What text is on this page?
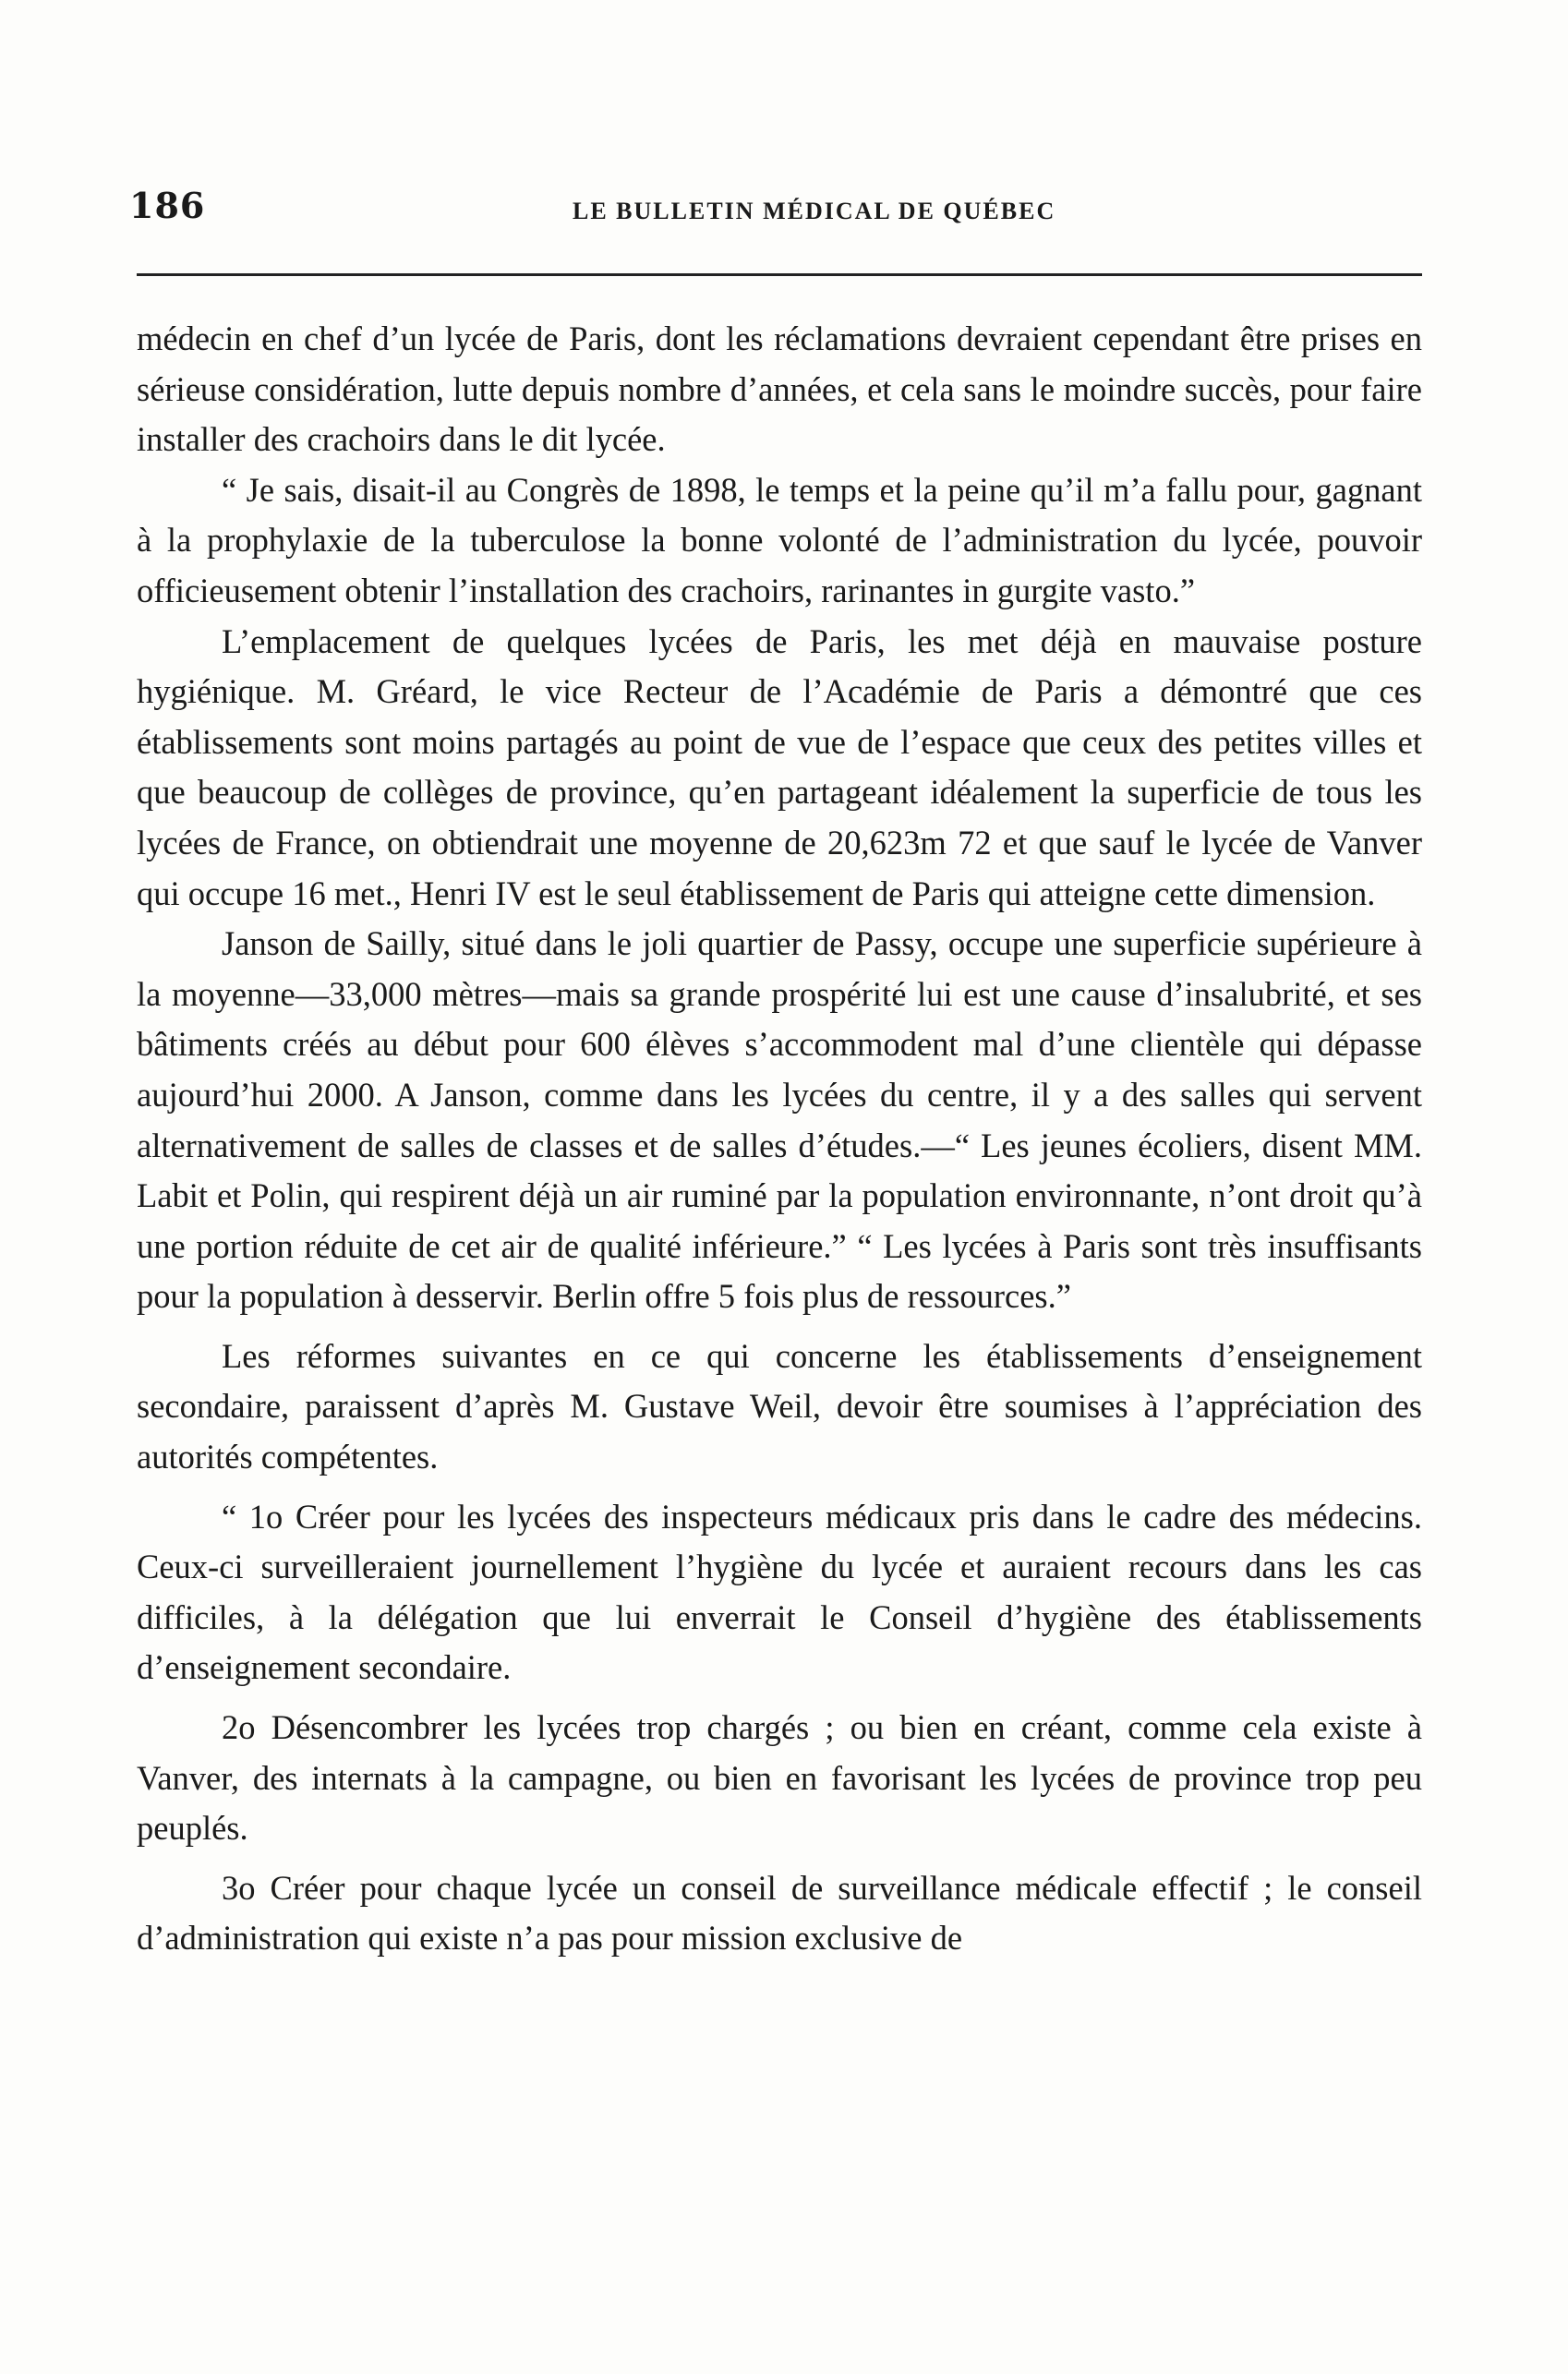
186	LE BULLETIN MÉDICAL DE QUÉBEC

médecin en chef d’un lycée de Paris, dont les réclamations devraient cependant être prises en sérieuse considération, lutte depuis nombre d’années, et cela sans le moindre succès, pour faire installer des crachoirs dans le dit lycée.

“ Je sais, disait-il au Congrès de 1898, le temps et la peine qu’il m’a fallu pour, gagnant à la prophylaxie de la tuberculose la bonne volonté de l’administration du lycée, pouvoir officieusement obtenir l’installation des crachoirs, rarinantes in gurgite vasto.”

L’emplacement de quelques lycées de Paris, les met déjà en mauvaise posture hygiénique. M. Gréard, le vice Recteur de l’Académie de Paris a démontré que ces établissements sont moins partagés au point de vue de l’espace que ceux des petites villes et que beaucoup de collèges de province, qu’en partageant idéalement la superficie de tous les lycées de France, on obtiendrait une moyenne de 20,623m 72 et que sauf le lycée de Vanver qui occupe 16 met., Henri IV est le seul établissement de Paris qui atteigne cette dimension.

Janson de Sailly, situé dans le joli quartier de Passy, occupe une superficie supérieure à la moyenne—33,000 mètres—mais sa grande prospérité lui est une cause d’insalubrité, et ses bâtiments créés au début pour 600 élèves s’accommodent mal d’une clientèle qui dépasse aujourd’hui 2000. A Janson, comme dans les lycées du centre, il y a des salles qui servent alternativement de salles de classes et de salles d’études.—“ Les jeunes écoliers, disent MM. Labit et Polin, qui respirent déjà un air ruminé par la population environnante, n’ont droit qu’à une portion réduite de cet air de qualité inférieure.” “ Les lycées à Paris sont très insuffisants pour la population à desservir. Berlin offre 5 fois plus de ressources.”

Les réformes suivantes en ce qui concerne les établissements d’enseignement secondaire, paraissent d’après M. Gustave Weil, devoir être soumises à l’appréciation des autorités compétentes.

“ 1o Créer pour les lycées des inspecteurs médicaux pris dans le cadre des médecins. Ceux-ci surveilleraient journellement l’hygiène du lycée et auraient recours dans les cas difficiles, à la délégation que lui enverrait le Conseil d’hygiène des établissements d’enseignement secondaire.

2o Désencombrer les lycées trop chargés ; ou bien en créant, comme cela existe à Vanver, des internats à la campagne, ou bien en favorisant les lycées de province trop peu peuplés.

3o Créer pour chaque lycée un conseil de surveillance médicale effectif ; le conseil d’administration qui existe n’a pas pour mission exclusive de
